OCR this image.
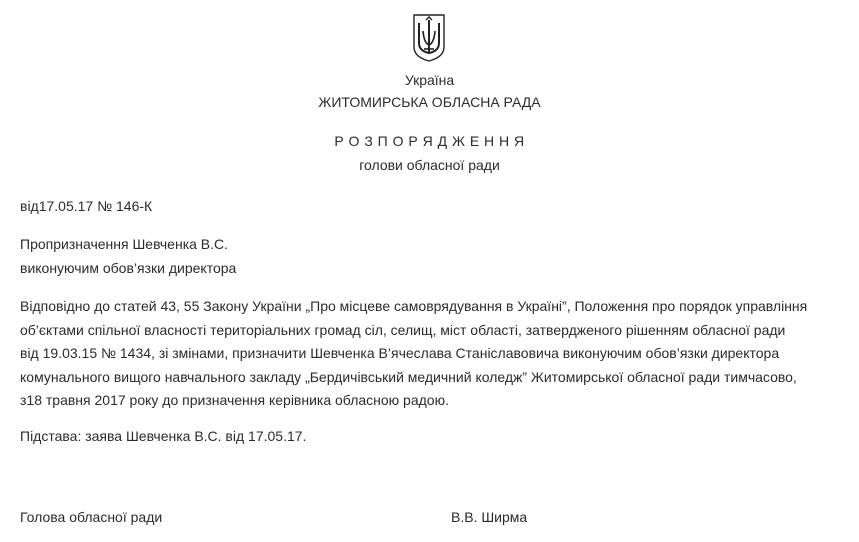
Україна
ЖИТОМИРСЬКА ОБЛАСНА РАДА
Р О З П О Р Я Д Ж Е Н Н Я
голови обласної ради
від17.05.17 № 146-К
Пропризначення Шевченка В.С.
виконуючим обов’язки директора
Відповідно до статей 43, 55 Закону України „Про місцеве самоврядування в Україні”, Положення про порядок управління
об’єктами спільної власності територіальних громад сіл, селищ, міст області, затвердженого рішенням обласної ради
від 19.03.15 № 1434, зі змінами, призначити Шевченка В’ячеслава Станіславовича виконуючим обов’язки директора
комунального вищого навчального закладу „Бердичівський медичний коледж” Житомирської обласної ради тимчасово,
з18 травня 2017 року до призначення керівника обласною радою.
Підстава: заява Шевченка В.С. від 17.05.17.
Голова обласної ради	В.В. Ширма
